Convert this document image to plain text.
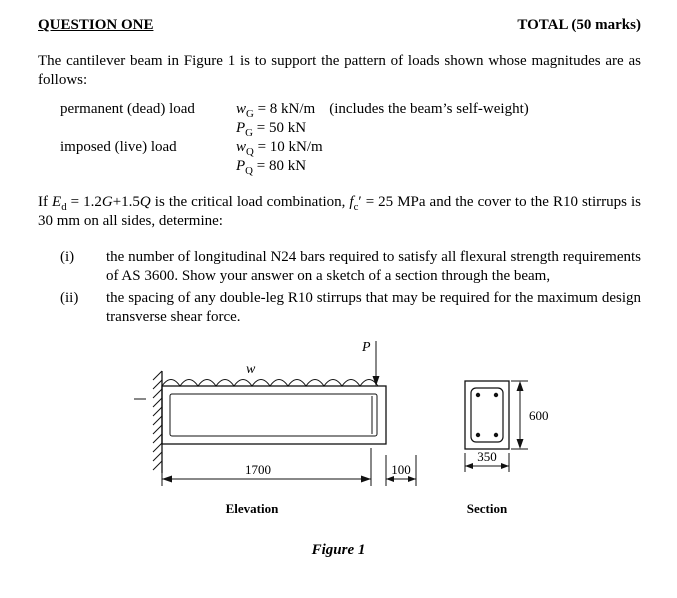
QUESTION ONE	TOTAL (50 marks)

The cantilever beam in Figure 1 is to support the pattern of loads shown whose magnitudes are as follows:

permanent (dead) load	$w_G = 8$ kN/m (includes the beam’s self-weight)
$P_G = 50$ kN
imposed (live) load	$w_Q = 10$ kN/m
$P_Q = 80$ kN

If $E_d = 1.2G+1.5Q$ is the critical load combination, $f_c' = 25$ MPa and the cover to the R10 stirrups is 30 mm on all sides, determine:

(i)	the number of longitudinal N24 bars required to satisfy all flexural strength requirements of AS 3600. Show your answer on a sketch of a section through the beam,
(ii)	the spacing of any double-leg R10 stirrups that may be required for the maximum design transverse shear force.
P
w
1700	100
Elevation
600
350
Section

Figure 1
